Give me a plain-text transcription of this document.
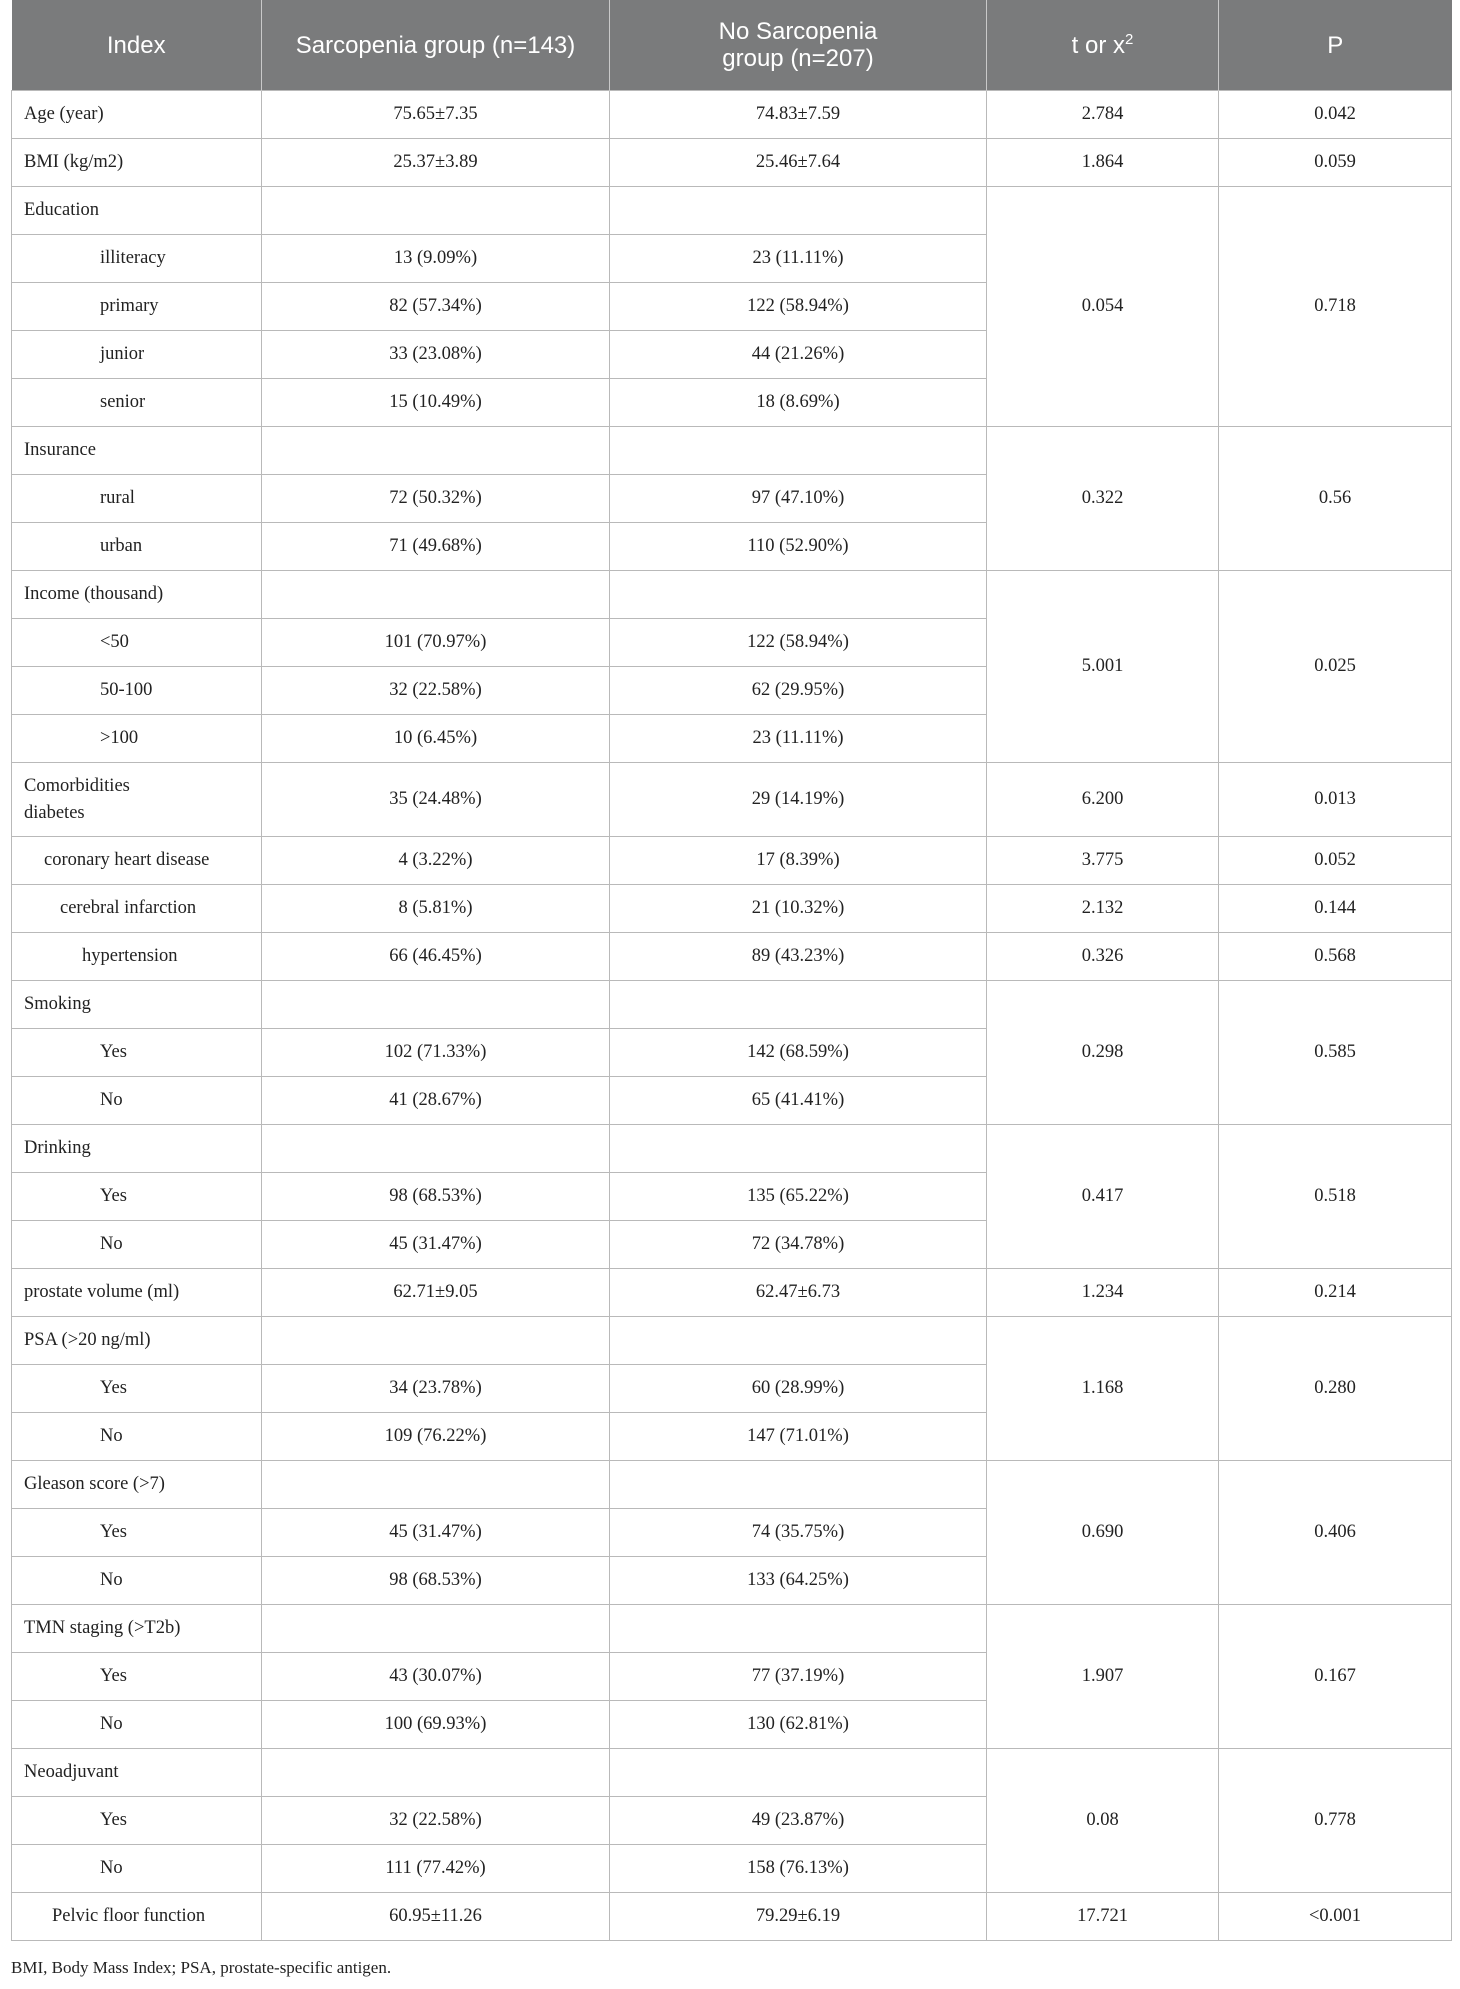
Index	Sarcopenia group (n=143)	No Sarcopenia
group (n=207)	t or $x^2$	P
Age (year)	75.65±7.35	74.83±7.59	2.784	0.042
BMI (kg/m2)	25.37±3.89	25.46±7.64	1.864	0.059
Education			0.054	0.718
illiteracy	13 (9.09%)	23 (11.11%)		
primary	82 (57.34%)	122 (58.94%)		
junior	33 (23.08%)	44 (21.26%)		
senior	15 (10.49%)	18 (8.69%)		
Insurance			0.322	0.56
rural	72 (50.32%)	97 (47.10%)		
urban	71 (49.68%)	110 (52.90%)		
Income (thousand)			5.001	0.025
<50	101 (70.97%)	122 (58.94%)		
50-100	32 (22.58%)	62 (29.95%)		
>100	10 (6.45%)	23 (11.11%)		
Comorbidities
diabetes	35 (24.48%)	29 (14.19%)	6.200	0.013
coronary heart disease	4 (3.22%)	17 (8.39%)	3.775	0.052
cerebral infarction	8 (5.81%)	21 (10.32%)	2.132	0.144
hypertension	66 (46.45%)	89 (43.23%)	0.326	0.568
Smoking			0.298	0.585
Yes	102 (71.33%)	142 (68.59%)		
No	41 (28.67%)	65 (41.41%)		
Drinking			0.417	0.518
Yes	98 (68.53%)	135 (65.22%)		
No	45 (31.47%)	72 (34.78%)		
prostate volume (ml)	62.71±9.05	62.47±6.73	1.234	0.214
PSA (>20 ng/ml)			1.168	0.280
Yes	34 (23.78%)	60 (28.99%)		
No	109 (76.22%)	147 (71.01%)		
Gleason score (>7)			0.690	0.406
Yes	45 (31.47%)	74 (35.75%)		
No	98 (68.53%)	133 (64.25%)		
TMN staging (>T2b)			1.907	0.167
Yes	43 (30.07%)	77 (37.19%)		
No	100 (69.93%)	130 (62.81%)		
Neoadjuvant			0.08	0.778
Yes	32 (22.58%)	49 (23.87%)		
No	111 (77.42%)	158 (76.13%)		
Pelvic floor function	60.95±11.26	79.29±6.19	17.721	<0.001
BMI, Body Mass Index; PSA, prostate-specific antigen.
